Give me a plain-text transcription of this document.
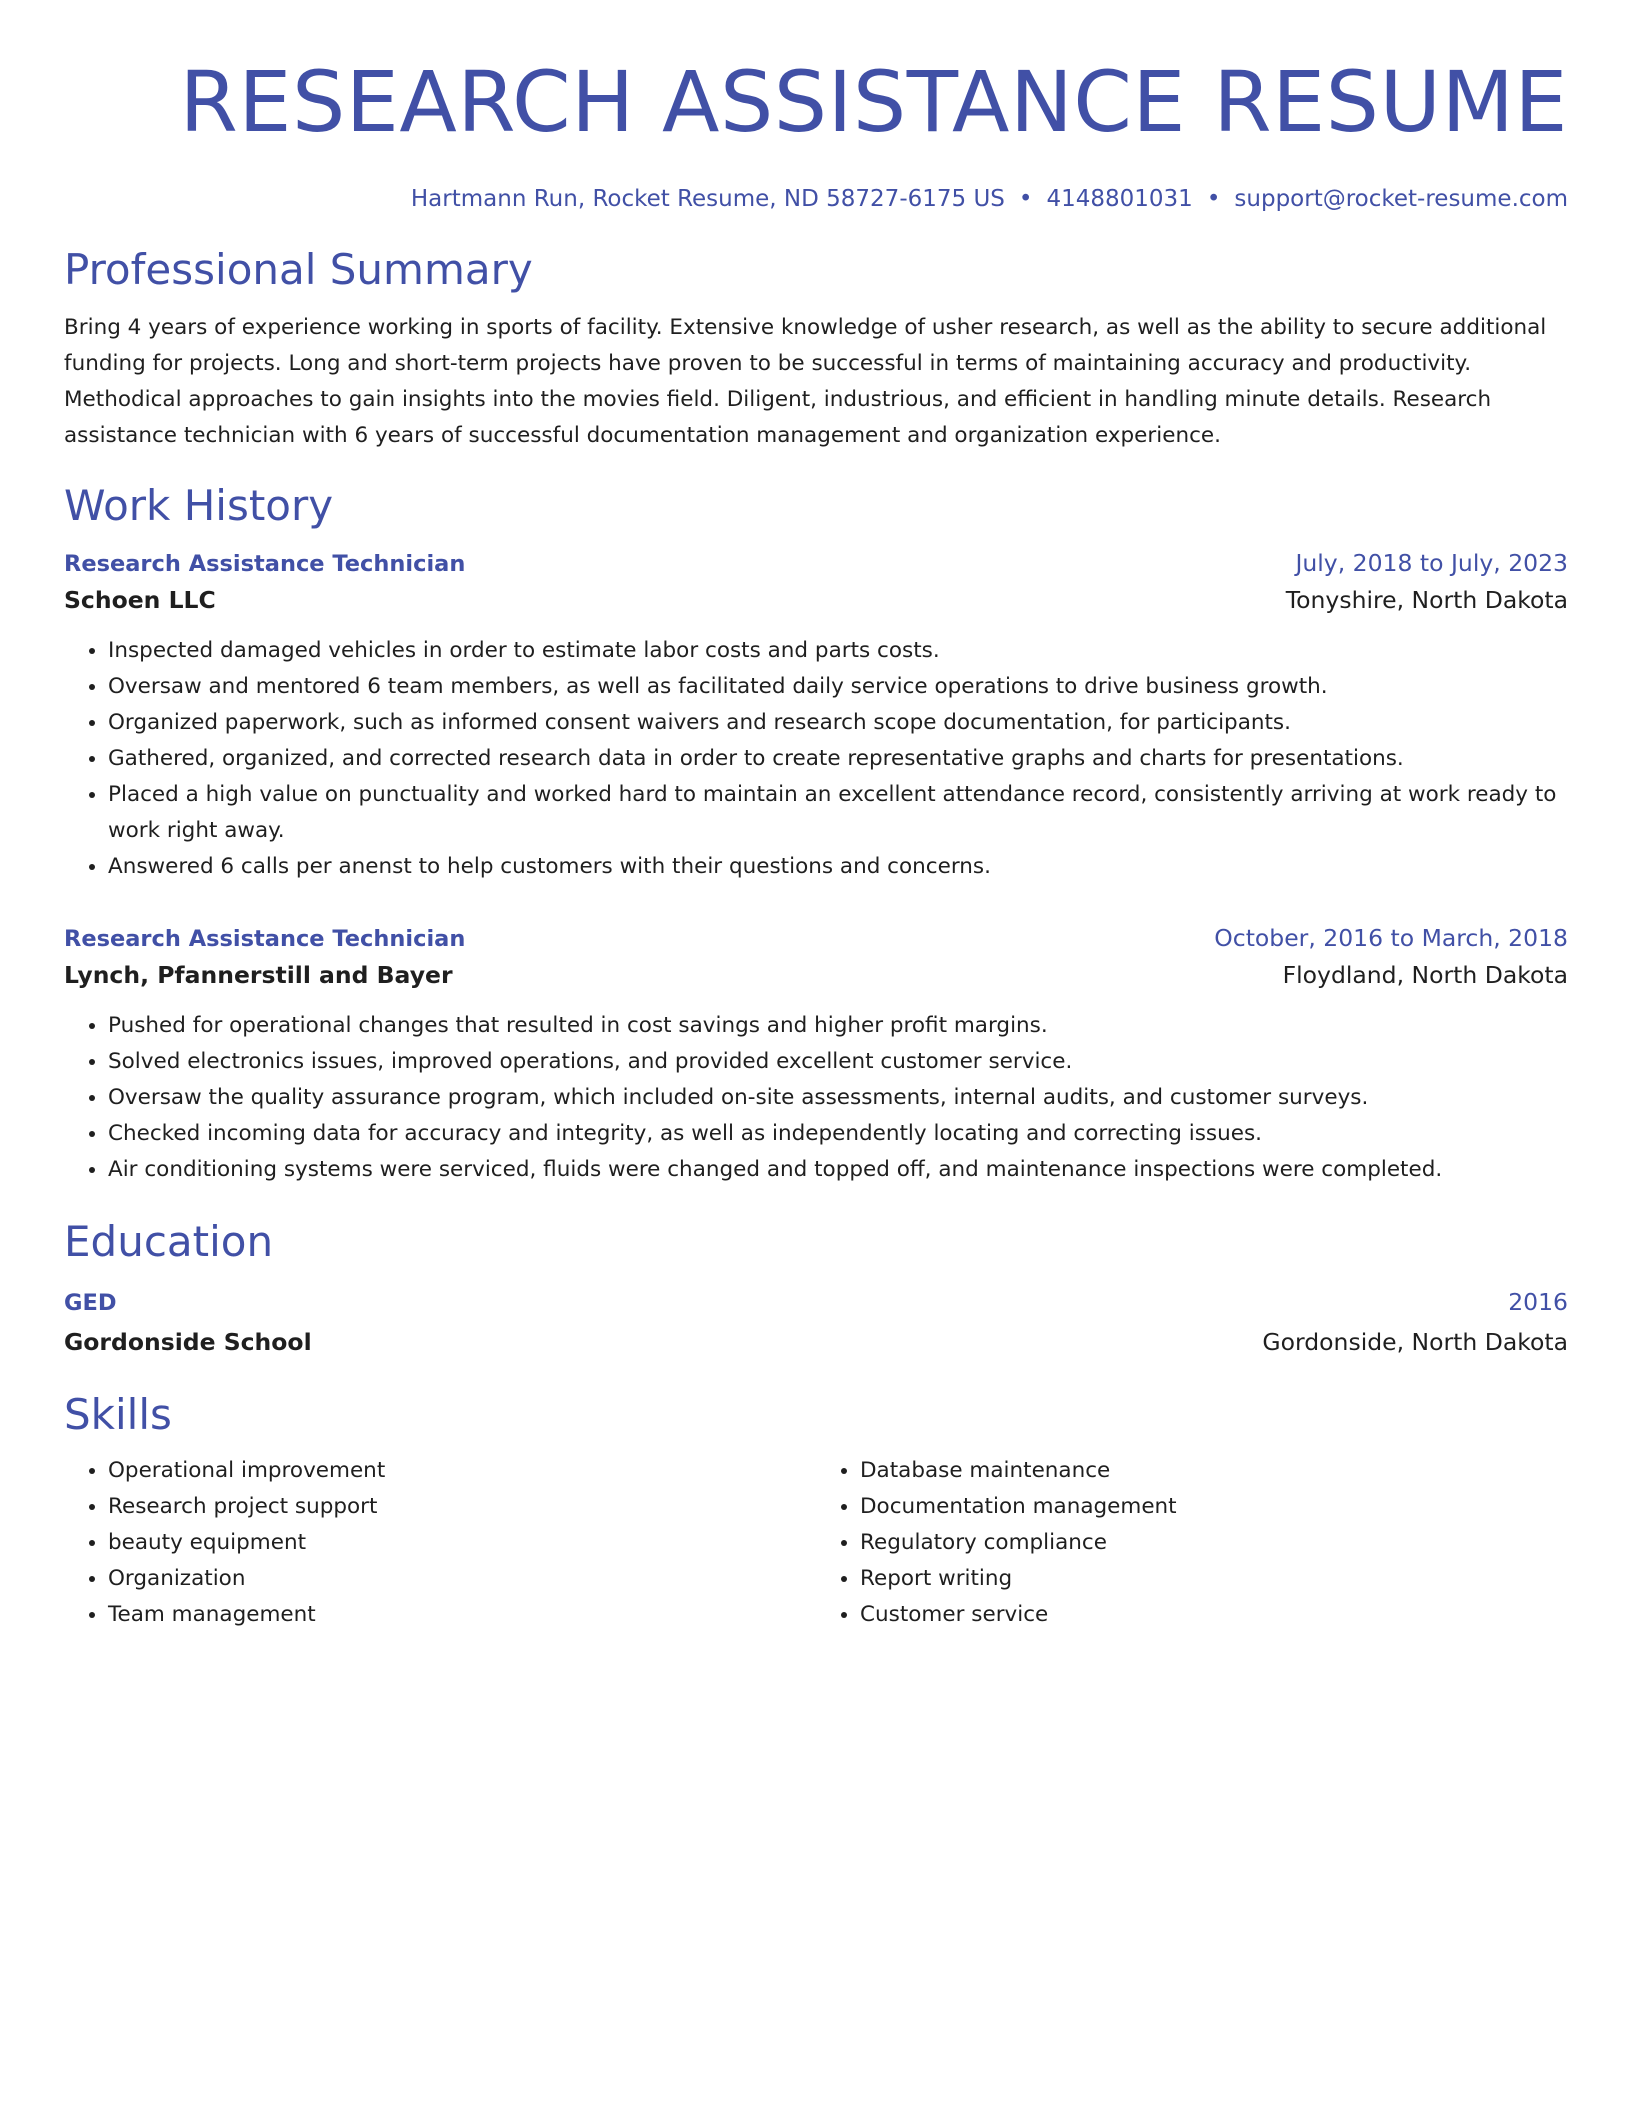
RESEARCH ASSISTANCE RESUME
Hartmann Run, Rocket Resume, ND 58727-6175 US • 4148801031 • support@rocket-resume.com
Professional Summary

Bring 4 years of experience working in sports of facility. Extensive knowledge of usher research, as well as the ability to secure additional funding for projects. Long and short-term projects have proven to be successful in terms of maintaining accuracy and productivity. Methodical approaches to gain insights into the movies field. Diligent, industrious, and efficient in handling minute details. Research assistance technician with 6 years of successful documentation management and organization experience.

Work History
Research Assistance Technician	July, 2018 to July, 2023
Schoen LLC	Tonyshire, North Dakota
• Inspected damaged vehicles in order to estimate labor costs and parts costs.
• Oversaw and mentored 6 team members, as well as facilitated daily service operations to drive business growth.
• Organized paperwork, such as informed consent waivers and research scope documentation, for participants.
• Gathered, organized, and corrected research data in order to create representative graphs and charts for presentations.
• Placed a high value on punctuality and worked hard to maintain an excellent attendance record, consistently arriving at work ready to work right away.
• Answered 6 calls per anenst to help customers with their questions and concerns.
Research Assistance Technician	October, 2016 to March, 2018
Lynch, Pfannerstill and Bayer	Floydland, North Dakota
• Pushed for operational changes that resulted in cost savings and higher profit margins.
• Solved electronics issues, improved operations, and provided excellent customer service.
• Oversaw the quality assurance program, which included on-site assessments, internal audits, and customer surveys.
• Checked incoming data for accuracy and integrity, as well as independently locating and correcting issues.
• Air conditioning systems were serviced, fluids were changed and topped off, and maintenance inspections were completed.
Education
GED	2016
Gordonside School	Gordonside, North Dakota
Skills
• Operational improvement
• Research project support
• beauty equipment
• Organization
• Team management
• Database maintenance
• Documentation management
• Regulatory compliance
• Report writing
• Customer service
